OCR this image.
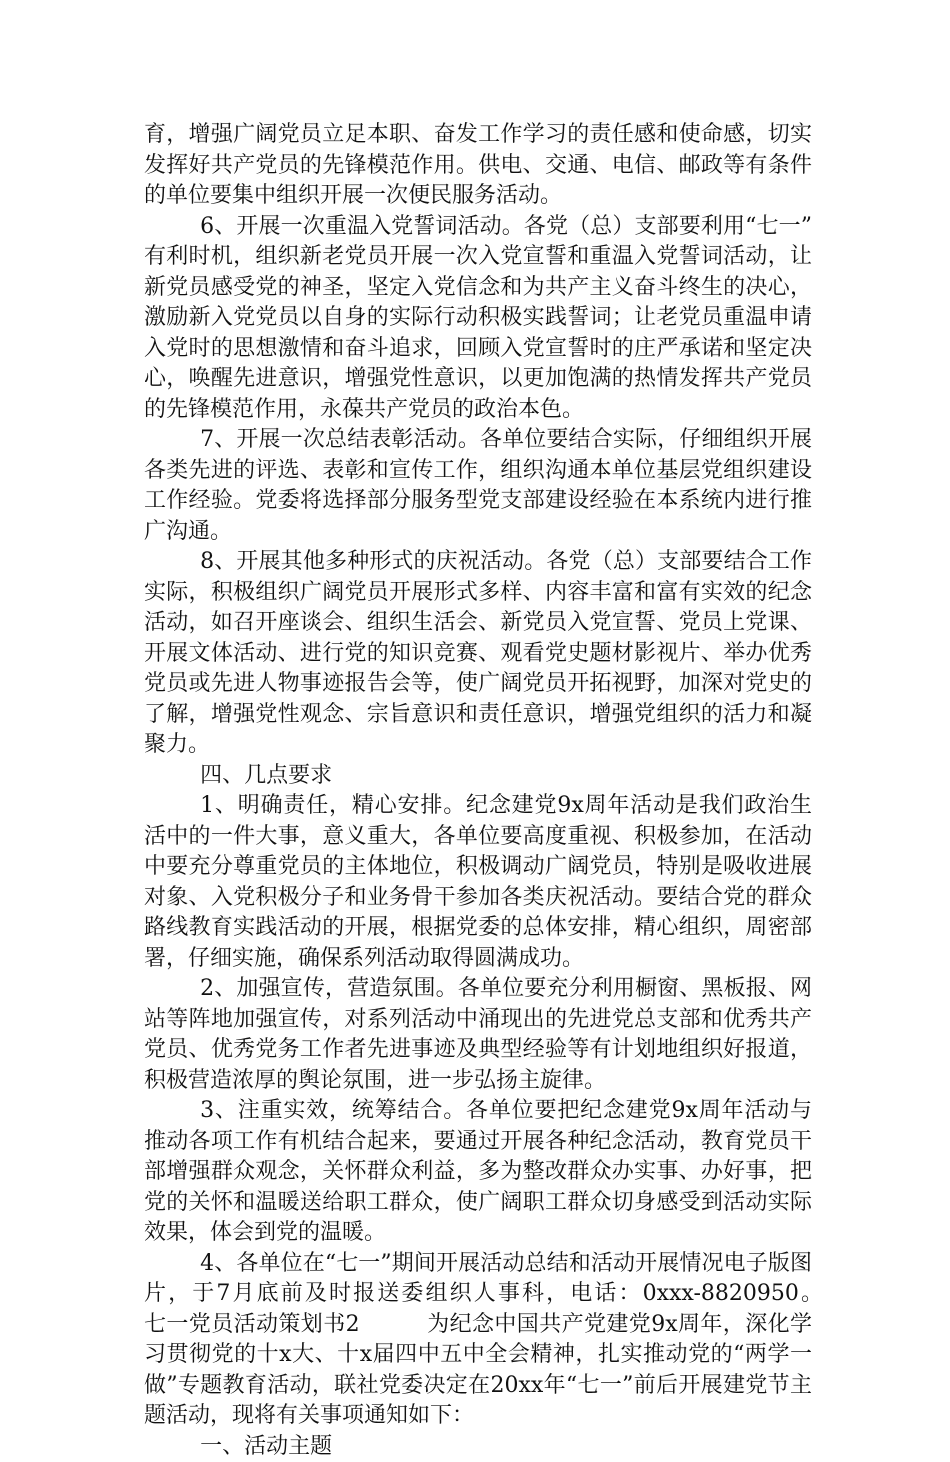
育，增强广阔党员立足本职、奋发工作学习的责任感和使命感，切实发挥好共产党员的先锋模范作用。供电、交通、电信、邮政等有条件的单位要集中组织开展一次便民服务活动。

6、开展一次重温入党誓词活动。各党（总）支部要利用“七一”有利时机，组织新老党员开展一次入党宣誓和重温入党誓词活动，让新党员感受党的神圣，坚定入党信念和为共产主义奋斗终生的决心，激励新入党党员以自身的实际行动积极实践誓词；让老党员重温申请入党时的思想激情和奋斗追求，回顾入党宣誓时的庄严承诺和坚定决心，唤醒先进意识，增强党性意识，以更加饱满的热情发挥共产党员的先锋模范作用，永葆共产党员的政治本色。

7、开展一次总结表彰活动。各单位要结合实际，仔细组织开展各类先进的评选、表彰和宣传工作，组织沟通本单位基层党组织建设工作经验。党委将选择部分服务型党支部建设经验在本系统内进行推广沟通。

8、开展其他多种形式的庆祝活动。各党（总）支部要结合工作实际，积极组织广阔党员开展形式多样、内容丰富和富有实效的纪念活动，如召开座谈会、组织生活会、新党员入党宣誓、党员上党课、开展文体活动、进行党的知识竞赛、观看党史题材影视片、举办优秀党员或先进人物事迹报告会等，使广阔党员开拓视野，加深对党史的了解，增强党性观念、宗旨意识和责任意识，增强党组织的活力和凝聚力。

四、几点要求

1、明确责任，精心安排。纪念建党9x周年活动是我们政治生活中的一件大事，意义重大，各单位要高度重视、积极参加，在活动中要充分尊重党员的主体地位，积极调动广阔党员，特别是吸收进展对象、入党积极分子和业务骨干参加各类庆祝活动。要结合党的群众路线教育实践活动的开展，根据党委的总体安排，精心组织，周密部署，仔细实施，确保系列活动取得圆满成功。

2、加强宣传，营造氛围。各单位要充分利用橱窗、黑板报、网站等阵地加强宣传，对系列活动中涌现出的先进党总支部和优秀共产党员、优秀党务工作者先进事迹及典型经验等有计划地组织好报道，积极营造浓厚的舆论氛围，进一步弘扬主旋律。

3、注重实效，统筹结合。各单位要把纪念建党9x周年活动与推动各项工作有机结合起来，要通过开展各种纪念活动，教育党员干部增强群众观念，关怀群众利益，多为整改群众办实事、办好事，把党的关怀和温暖送给职工群众，使广阔职工群众切身感受到活动实际效果，体会到党的温暖。

4、各单位在“七一”期间开展活动总结和活动开展情况电子版图片，于7月底前及时报送委组织人事科，电话：0xxx-8820950。　　　七一党员活动策划书2　　　为纪念中国共产党建党9x周年，深化学习贯彻党的十x大、十x届四中五中全会精神，扎实推动党的“两学一做”专题教育活动，联社党委决定在20xx年“七一”前后开展建党节主题活动，现将有关事项通知如下：

一、活动主题
